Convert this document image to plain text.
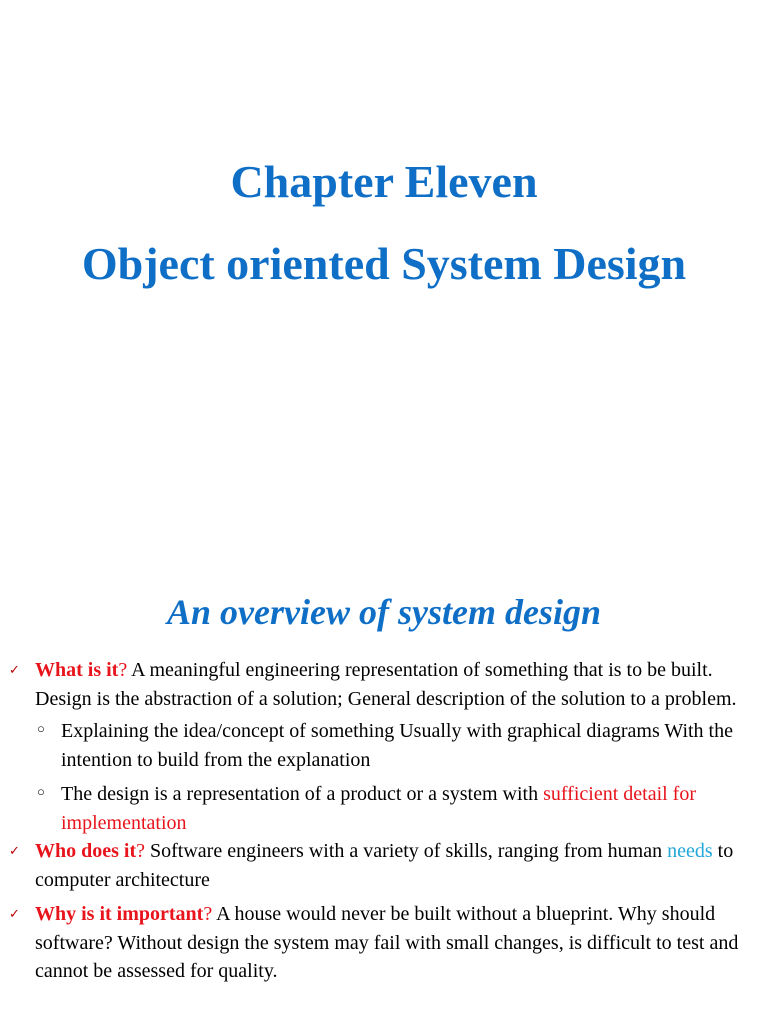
Chapter Eleven
Object oriented System Design
An overview of system design
✓ What is it? A meaningful engineering representation of something that is to be built. Design is the abstraction of a solution; General description of the solution to a problem.
○ Explaining the idea/concept of something Usually with graphical diagrams With the intention to build from the explanation
○ The design is a representation of a product or a system with sufficient detail for implementation
✓ Who does it? Software engineers with a variety of skills, ranging from human needs to computer architecture
✓ Why is it important? A house would never be built without a blueprint. Why should software? Without design the system may fail with small changes, is difficult to test and cannot be assessed for quality.
